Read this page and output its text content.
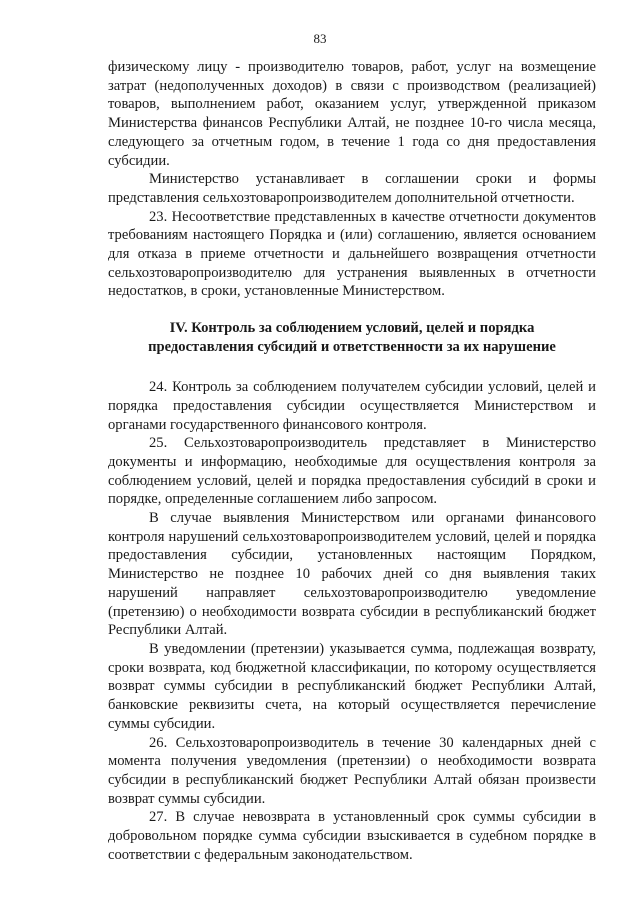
83

физическому лицу - производителю товаров, работ, услуг на возмещение затрат (недополученных доходов) в связи с производством (реализацией) товаров, выполнением работ, оказанием услуг, утвержденной приказом Министерства финансов Республики Алтай, не позднее 10-го числа месяца, следующего за отчетным годом, в течение 1 года со дня предоставления субсидии.

Министерство устанавливает в соглашении сроки и формы представления сельхозтоваропроизводителем дополнительной отчетности.

23. Несоответствие представленных в качестве отчетности документов требованиям настоящего Порядка и (или) соглашению, является основанием для отказа в приеме отчетности и дальнейшего возвращения отчетности сельхозтоваропроизводителю для устранения выявленных в отчетности недостатков, в сроки, установленные Министерством.

IV. Контроль за соблюдением условий, целей и порядка
предоставления субсидий и ответственности за их нарушение

24. Контроль за соблюдением получателем субсидии условий, целей и порядка предоставления субсидии осуществляется Министерством и органами государственного финансового контроля.

25. Сельхозтоваропроизводитель представляет в Министерство документы и информацию, необходимые для осуществления контроля за соблюдением условий, целей и порядка предоставления субсидий в сроки и порядке, определенные соглашением либо запросом.

В случае выявления Министерством или органами финансового контроля нарушений сельхозтоваропроизводителем условий, целей и порядка предоставления субсидии, установленных настоящим Порядком, Министерство не позднее 10 рабочих дней со дня выявления таких нарушений направляет сельхозтоваропроизводителю уведомление (претензию) о необходимости возврата субсидии в республиканский бюджет Республики Алтай.

В уведомлении (претензии) указывается сумма, подлежащая возврату, сроки возврата, код бюджетной классификации, по которому осуществляется возврат суммы субсидии в республиканский бюджет Республики Алтай, банковские реквизиты счета, на который осуществляется перечисление суммы субсидии.

26. Сельхозтоваропроизводитель в течение 30 календарных дней с момента получения уведомления (претензии) о необходимости возврата субсидии в республиканский бюджет Республики Алтай обязан произвести возврат суммы субсидии.

27. В случае невозврата в установленный срок суммы субсидии в добровольном порядке сумма субсидии взыскивается в судебном порядке в соответствии с федеральным законодательством.
